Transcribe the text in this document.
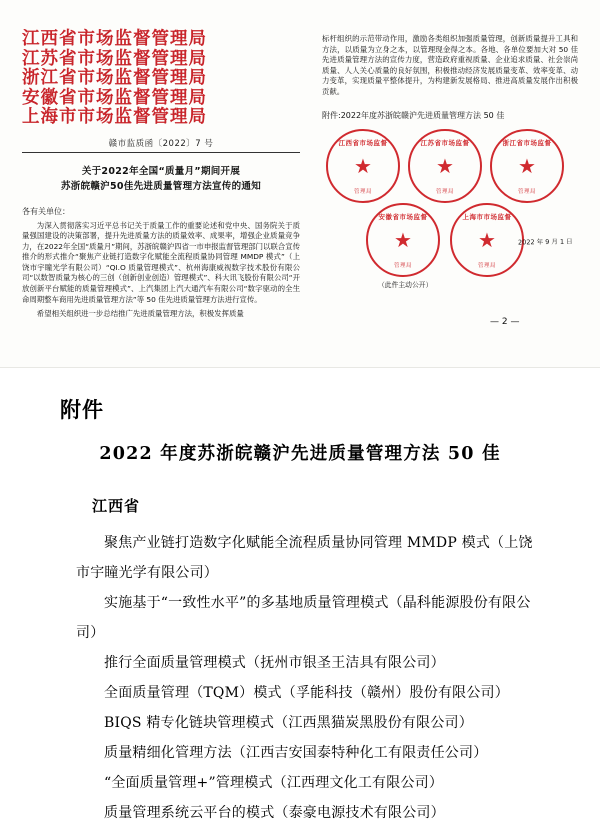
江西省市场监督管理局
江苏省市场监督管理局
浙江省市场监督管理局
安徽省市场监督管理局
上海市市场监督管理局
赣市监质函〔2022〕7 号
关于2022年全国“质量月”期间开展
苏浙皖赣沪50佳先进质量管理方法宣传的通知
各有关单位：
为深入贯彻落实习近平总书记关于质量工作的重要论述和党中央、国务院关于质量强国建设的决策部署，提升先进质量方法的质量效率、成果率，增强企业质量竞争力，在2022年全国“质量月”期间，苏浙皖赣沪四省一市申报监督管理部门以联合宣传推介的形式推介“聚焦产业链打造数字化赋能全流程质量协同管理 MMDP 模式”（上饶市宇瞳光学有限公司）“QI.O 质量管理模式”、杭州海康威视数字技术股份有限公司“以数智质量为核心的三创（创新创业创造）管理模式”、科大讯飞股份有限公司“开放创新平台赋能的质量管理模式”、上汽集团上汽大通汽车有限公司“数字驱动的全生命周期整车商用先进质量管理方法”等 50 佳先进质量管理方法进行宣传。
希望相关组织进一步总结推广先进质量管理方法，积极发挥质量
标杆组织的示范带动作用，激励各类组织加强质量管理，创新质量提升工具和方法，以质量为立身之本，以管理现金得之本。各地、各单位要加大对 50 佳先进质量管理方法的宣传力度，营造政府重视质量、企业追求质量、社会崇尚质量、人人关心质量的良好氛围，积极推动经济发展质量变革、效率变革、动力变革，实现质量平整体提升，为构建新发展格局、推进高质量发展作出积极贡献。
附件:2022年度苏浙皖赣沪先进质量管理方法 50 佳
江西省市场监督
★
管理局
江苏省市场监督
★
管理局
浙江省市场监督
★
管理局
安徽省市场监督
★
管理局
上海市市场监督
★
管理局
2022 年 9 月 1 日
（此件主动公开）
— 2 —
附件
2022 年度苏浙皖赣沪先进质量管理方法 50 佳
江西省
聚焦产业链打造数字化赋能全流程质量协同管理 MMDP 模式（上饶市宇瞳光学有限公司）
实施基于“一致性水平”的多基地质量管理模式（晶科能源股份有限公司）
推行全面质量管理模式（抚州市银圣王洁具有限公司）
全面质量管理（TQM）模式（孚能科技（赣州）股份有限公司）
BIQS 精专化链块管理模式（江西黑猫炭黑股份有限公司）
质量精细化管理方法（江西吉安国泰特种化工有限责任公司）
“全面质量管理+”管理模式（江西理文化工有限公司）
质量管理系统云平台的模式（泰豪电源技术有限公司）
